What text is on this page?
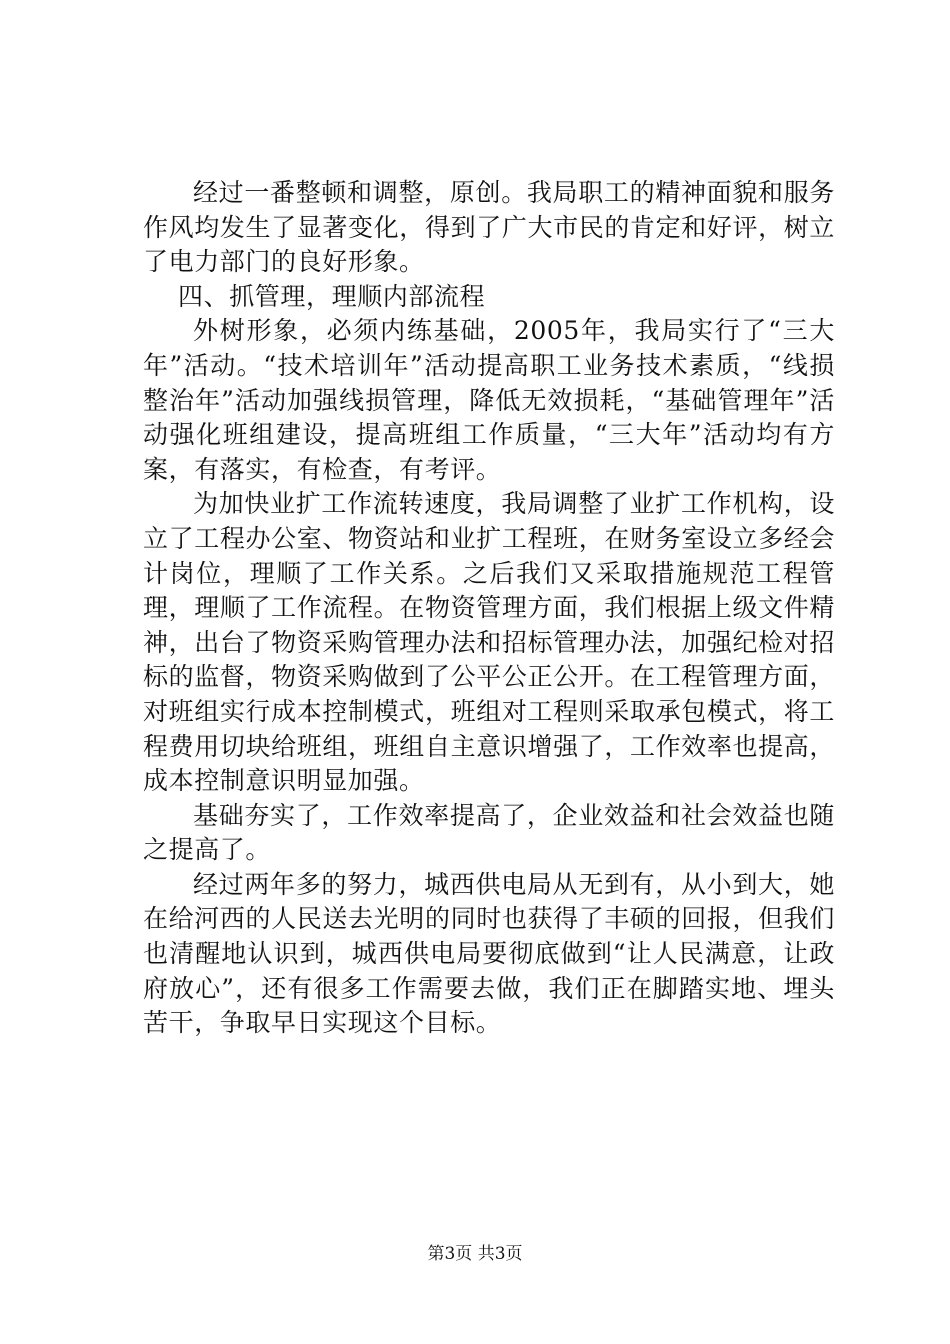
经过一番整顿和调整，原创。我局职工的精神面貌和服务作风均发生了显著变化，得到了广大市民的肯定和好评，树立了电力部门的良好形象。

四、抓管理，理顺内部流程

外树形象，必须内练基础，2005年，我局实行了“三大年”活动。“技术培训年”活动提高职工业务技术素质，“线损整治年”活动加强线损管理，降低无效损耗，“基础管理年”活动强化班组建设，提高班组工作质量，“三大年”活动均有方案，有落实，有检查，有考评。

为加快业扩工作流转速度，我局调整了业扩工作机构，设立了工程办公室、物资站和业扩工程班，在财务室设立多经会计岗位，理顺了工作关系。之后我们又采取措施规范工程管理，理顺了工作流程。在物资管理方面，我们根据上级文件精神，出台了物资采购管理办法和招标管理办法，加强纪检对招标的监督，物资采购做到了公平公正公开。在工程管理方面，对班组实行成本控制模式，班组对工程则采取承包模式，将工程费用切块给班组，班组自主意识增强了，工作效率也提高，成本控制意识明显加强。

基础夯实了，工作效率提高了，企业效益和社会效益也随之提高了。

经过两年多的努力，城西供电局从无到有，从小到大，她在给河西的人民送去光明的同时也获得了丰硕的回报，但我们也清醒地认识到，城西供电局要彻底做到“让人民满意，让政府放心”，还有很多工作需要去做，我们正在脚踏实地、埋头苦干，争取早日实现这个目标。

第3页 共3页
